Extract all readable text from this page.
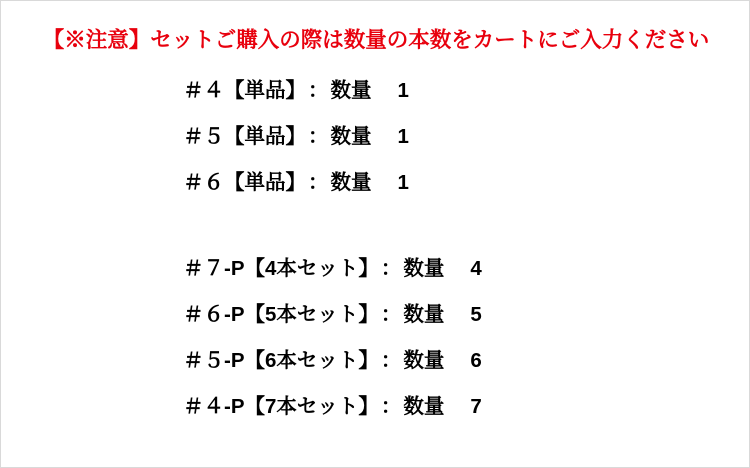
【※注意】セットご購入の際は数量の本数をカートにご入力ください
＃４【単品】 ： 数量	1
＃５【単品】 ： 数量	1
＃６【単品】 ： 数量	1
＃７-P【4本セット】 ： 数量	4
＃６-P【5本セット】 ： 数量	5
＃５-P【6本セット】 ： 数量	6
＃４-P【7本セット】 ： 数量	7
